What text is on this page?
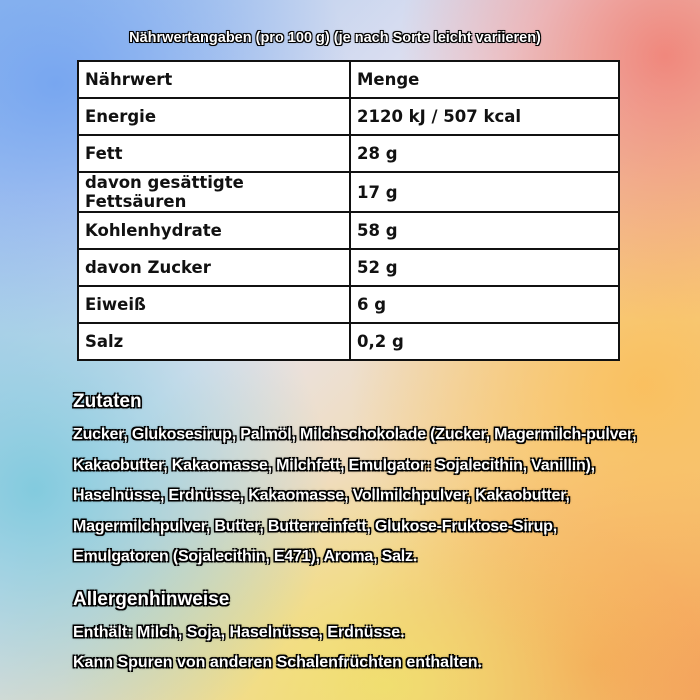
Nährwertangaben (pro 100 g) (je nach Sorte leicht variieren)
Nährwert	Menge
Energie	2120 kJ / 507 kcal
Fett	28 g
davon gesättigte Fettsäuren	17 g
Kohlenhydrate	58 g
davon Zucker	52 g
Eiweiß	6 g
Salz	0,2 g
Zutaten
Zucker, Glukosesirup, Palmöl, Milchschokolade (Zucker, Magermilch-pulver, Kakaobutter, Kakaomasse, Milchfett, Emulgator: Sojalecithin, Vanillin), Haselnüsse, Erdnüsse, Kakaomasse, Vollmilchpulver, Kakaobutter, Magermilchpulver, Butter, Butterreinfett, Glukose-Fruktose-Sirup, Emulgatoren (Sojalecithin, E471), Aroma, Salz.
Allergenhinweise
Enthält: Milch, Soja, Haselnüsse, Erdnüsse.
Kann Spuren von anderen Schalenfrüchten enthalten.
